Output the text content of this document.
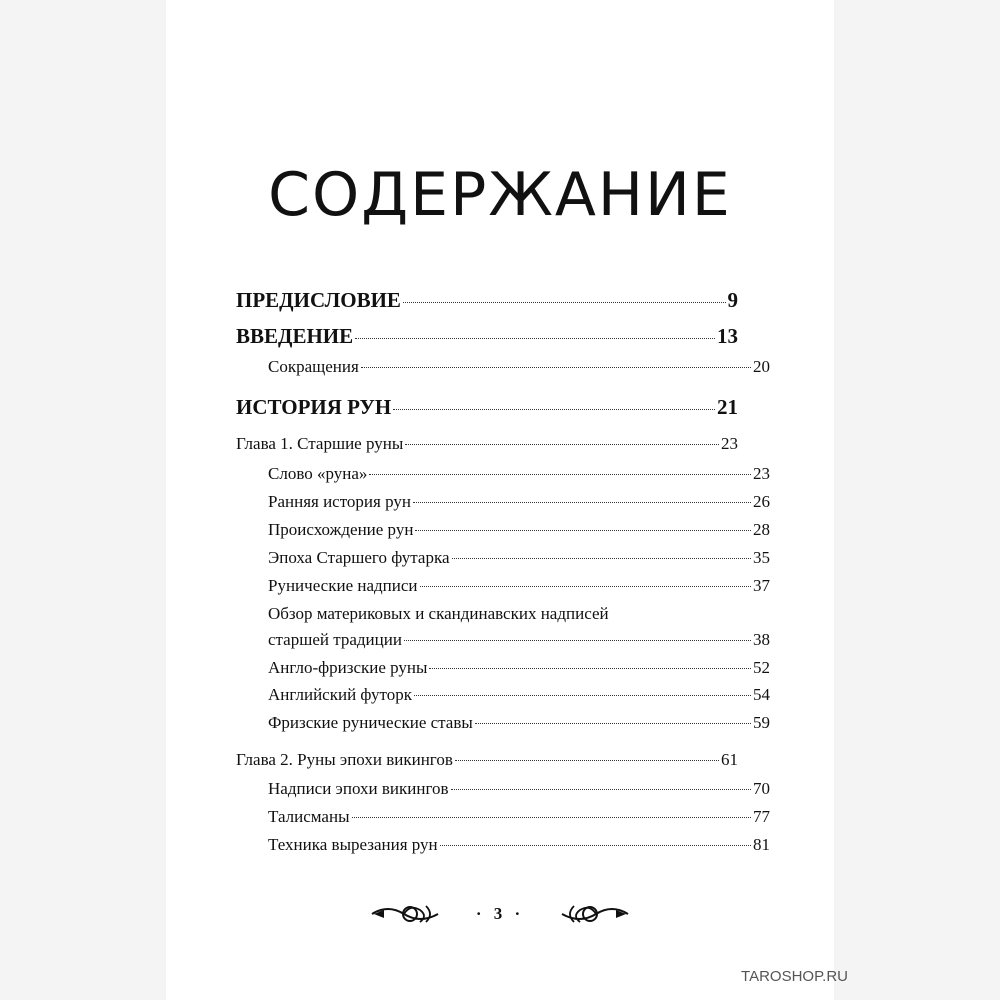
СОДЕРЖАНИЕ
ПРЕДИСЛОВИЕ	9
ВВЕДЕНИЕ	13
Сокращения	20
ИСТОРИЯ РУН	21
Глава 1. Старшие руны	23
Слово «руна»	23
Ранняя история рун	26
Происхождение рун	28
Эпоха Старшего футарка	35
Рунические надписи	37
Обзор материковых и скандинавских надписей
старшей традиции	38
Англо-фризские руны	52
Английский футорк	54
Фризские рунические ставы	59
Глава 2. Руны эпохи викингов	61
Надписи эпохи викингов	70
Талисманы	77
Техника вырезания рун	81
· 3 ·
TAROSHOP.RU
